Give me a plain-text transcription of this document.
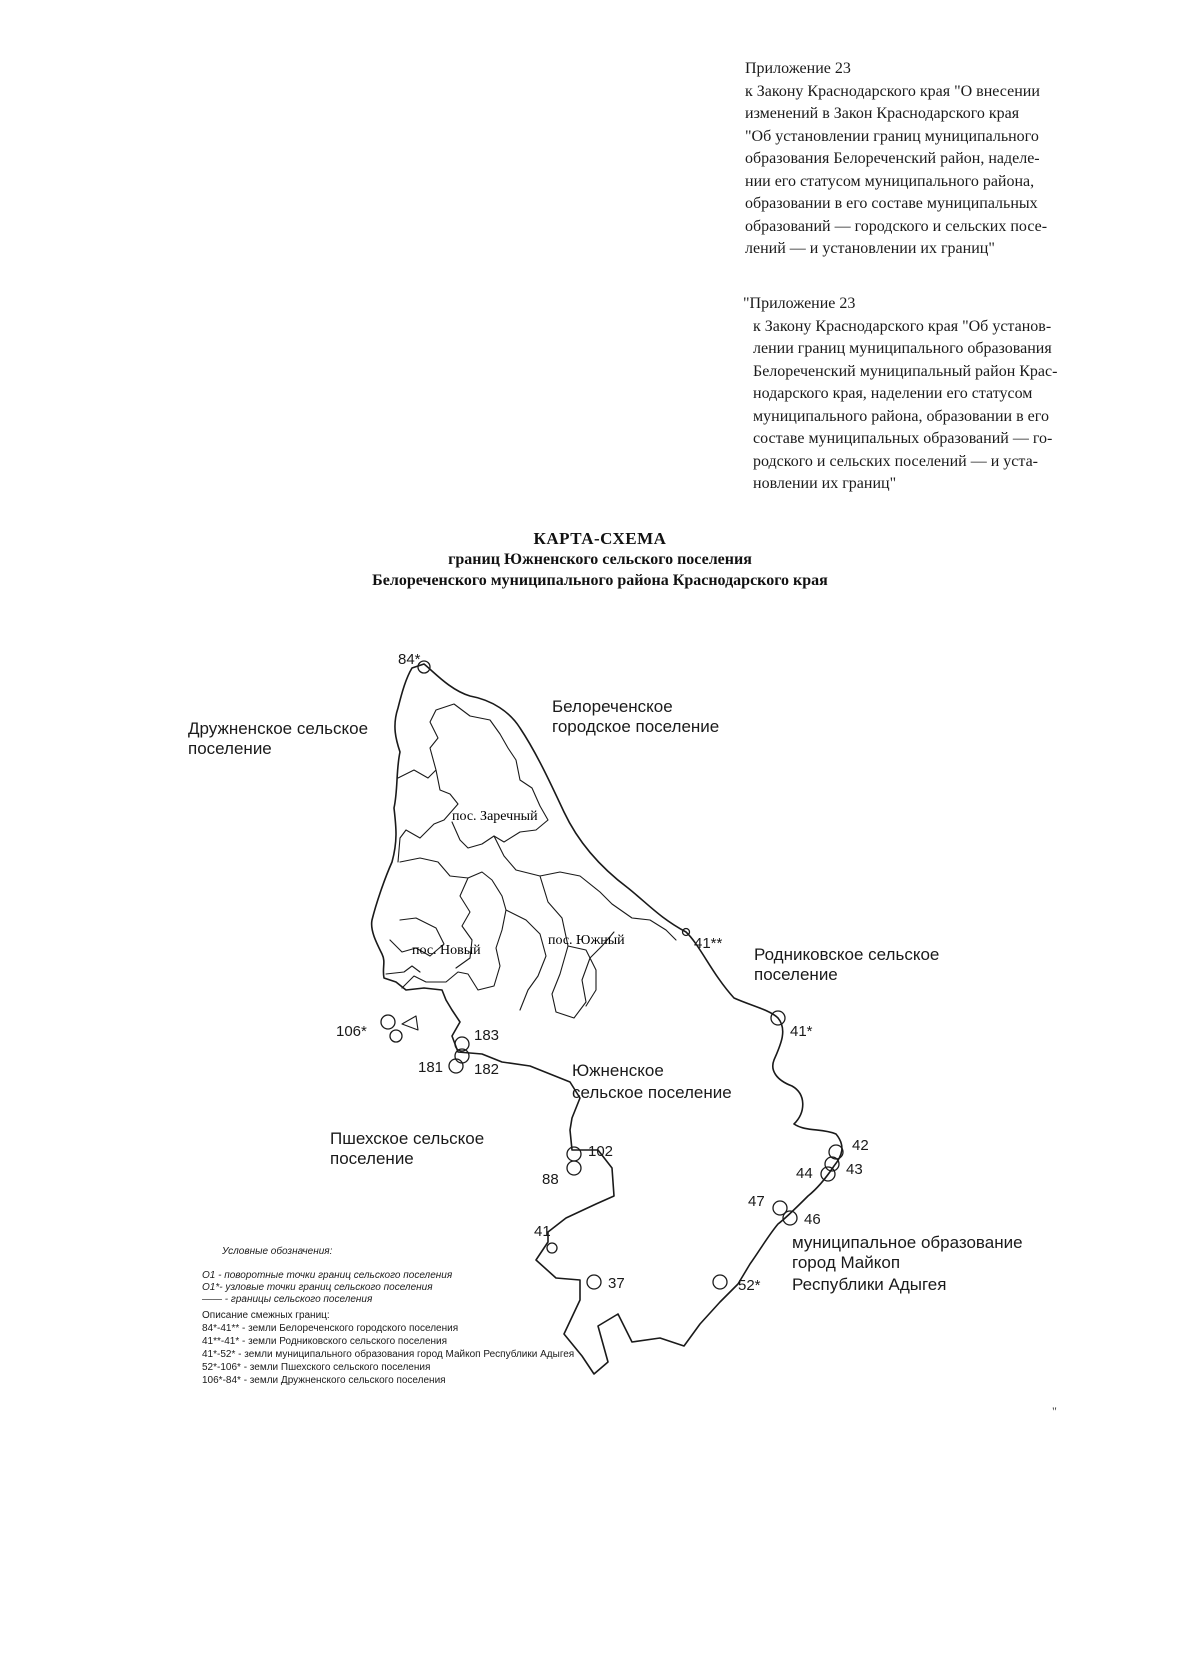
Приложение 23
к Закону Краснодарского края "О внесении
изменений в Закон Краснодарского края
"Об установлении границ муниципального
образования Белореченский район, наделе-
нии его статусом муниципального района,
образовании в его составе муниципальных
образований — городского и сельских посе-
лений — и установлении их границ"
"Приложение 23
к Закону Краснодарского края "Об установ-
лении границ муниципального образования
Белореченский муниципальный район Крас-
нодарского края, наделении его статусом
муниципального района, образовании в его
составе муниципальных образований — го-
родского и сельских поселений — и уста-
новлении их границ"
КАРТА-СХЕМА
границ Южненского сельского поселения
Белореченского муниципального района Краснодарского края
Дружненское сельское
поселение
Белореченское
городское поселение
Родниковское сельское
поселение
Южненское
сельское поселение
Пшехское сельское
поселение
муниципальное образование
город Майкоп
Республики Адыгея
пос. Заречный
пос. Новый
пос. Южный
84*
41**
41*
106*	183
181 182
102
88
42
43
44
47
46
41
37	52*
Условные обозначения:
О1 - поворотные точки границ сельского поселения
О1*- узловые точки границ сельского поселения
—— - границы сельского поселения
Описание смежных границ:
84*-41** - земли Белореченского городского поселения
41**-41* - земли Родниковского сельского поселения
41*-52* - земли муниципального образования город Майкоп Республики Адыгея
52*-106* - земли Пшехского сельского поселения
106*-84* - земли Дружненского сельского поселения
"
